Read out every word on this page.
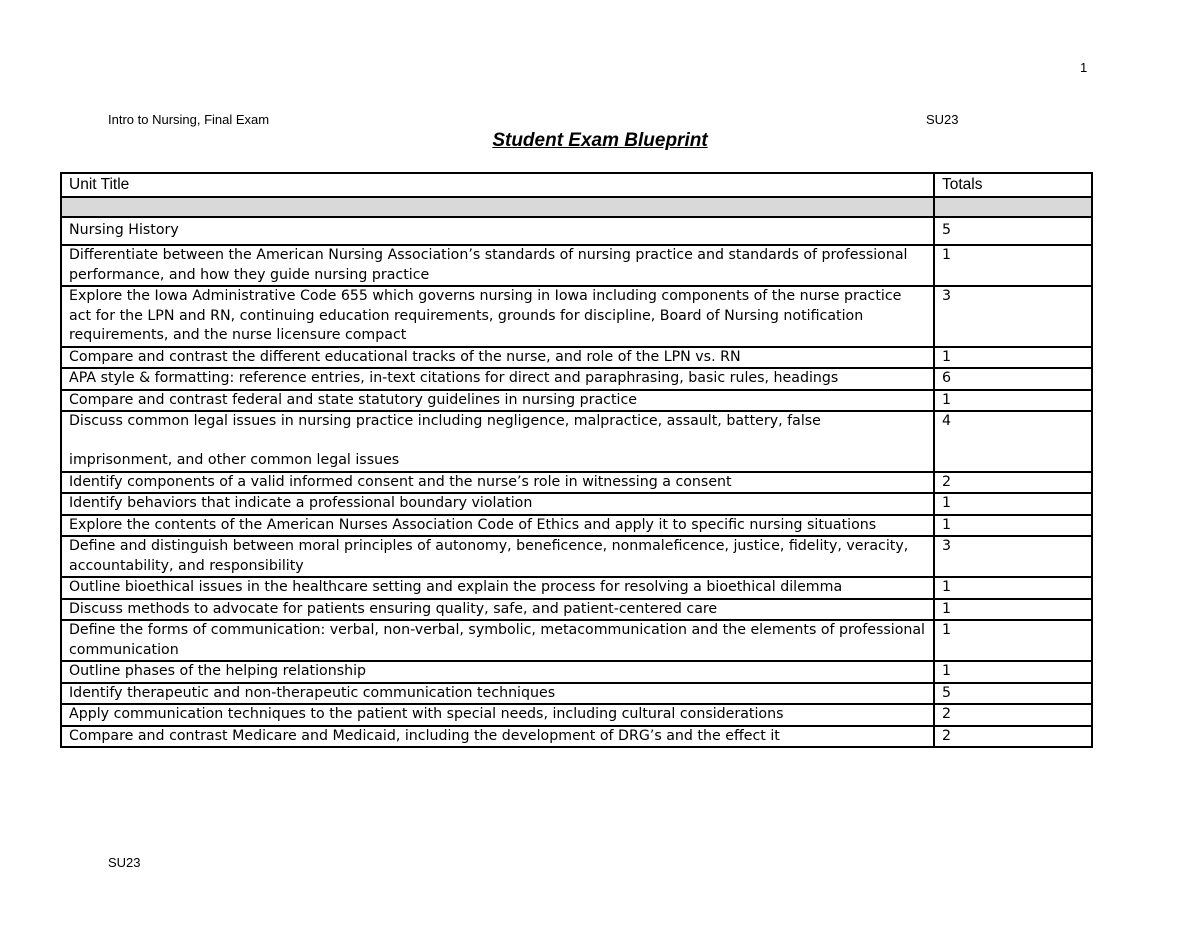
1
Intro to Nursing, Final Exam	SU23
Student Exam Blueprint
Unit Title	Totals

Nursing History	5
Differentiate between the American Nursing Association’s standards of nursing practice and standards of professional performance, and how they guide nursing practice	1
Explore the Iowa Administrative Code 655 which governs nursing in Iowa including components of the nurse practice act for the LPN and RN, continuing education requirements, grounds for discipline, Board of Nursing notification requirements, and the nurse licensure compact	3
Compare and contrast the different educational tracks of the nurse, and role of the LPN vs. RN	1
APA style & formatting: reference entries, in-text citations for direct and paraphrasing, basic rules, headings	6
Compare and contrast federal and state statutory guidelines in nursing practice	1
Discuss common legal issues in nursing practice including negligence, malpractice, assault, battery, false

imprisonment, and other common legal issues	4
Identify components of a valid informed consent and the nurse’s role in witnessing a consent	2
Identify behaviors that indicate a professional boundary violation	1
Explore the contents of the American Nurses Association Code of Ethics and apply it to specific nursing situations	1
Define and distinguish between moral principles of autonomy, beneficence, nonmaleficence, justice, fidelity, veracity, accountability, and responsibility	3
Outline bioethical issues in the healthcare setting and explain the process for resolving a bioethical dilemma	1
Discuss methods to advocate for patients ensuring quality, safe, and patient-centered care	1
Define the forms of communication: verbal, non-verbal, symbolic, metacommunication and the elements of professional communication	1
Outline phases of the helping relationship	1
Identify therapeutic and non-therapeutic communication techniques	5
Apply communication techniques to the patient with special needs, including cultural considerations	2
Compare and contrast Medicare and Medicaid, including the development of DRG’s and the effect it	2
SU23
